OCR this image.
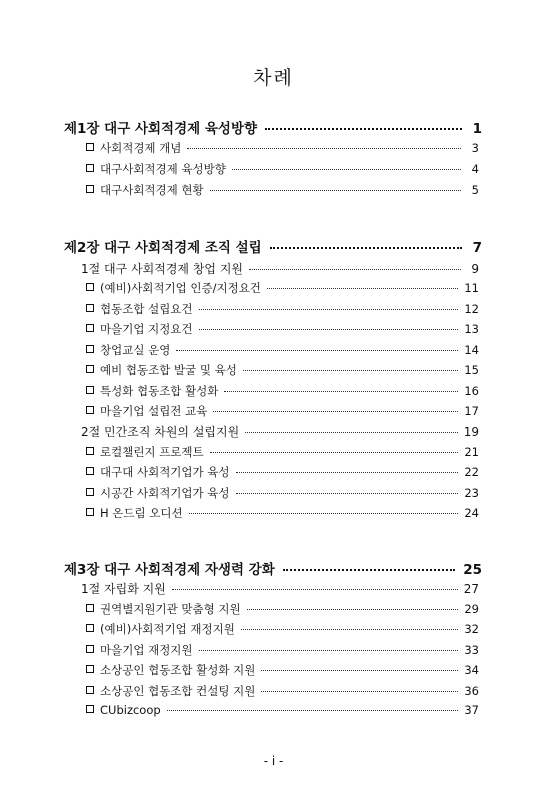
차례
제1장 대구 사회적경제 육성방향	1
사회적경제 개념	3
대구사회적경제 육성방향	4
대구사회적경제 현황	5
제2장 대구 사회적경제 조직 설립	7
1절 대구 사회적경제 창업 지원	9
(예비)사회적기업 인증/지정요건	11
협동조합 설립요건	12
마을기업 지정요건	13
창업교실 운영	14
예비 협동조합 발굴 및 육성	15
특성화 협동조합 활성화	16
마을기업 설립전 교육	17
2절 민간조직 차원의 설립지원	19
로컬챌린지 프로젝트	21
대구대 사회적기업가 육성	22
시공간 사회적기업가 육성	23
H 온드림 오디션	24
제3장 대구 사회적경제 자생력 강화	25
1절 자립화 지원	27
권역별지원기관 맞춤형 지원	29
(예비)사회적기업 재정지원	32
마을기업 재정지원	33
소상공인 협동조합 활성화 지원	34
소상공인 협동조합 컨설팅 지원	36
CUbizcoop	37
- i -
